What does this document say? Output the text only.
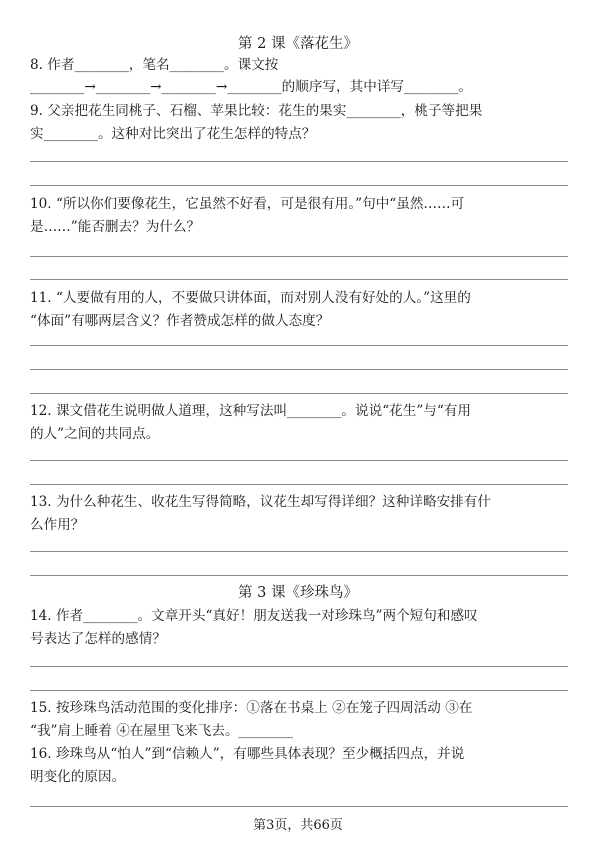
第 2 课《落花生》
8. 作者________，笔名________。课文按
________→________→________→________的顺序写，其中详写________。
9. 父亲把花生同桃子、石榴、苹果比较：花生的果实________，桃子等把果
实________。这种对比突出了花生怎样的特点？
10. “所以你们要像花生，它虽然不好看，可是很有用。”句中“虽然……可
是……”能否删去？为什么？
11. “人要做有用的人，不要做只讲体面，而对别人没有好处的人。”这里的
“体面”有哪两层含义？作者赞成怎样的做人态度？
12. 课文借花生说明做人道理，这种写法叫________。说说“花生”与“有用
的人”之间的共同点。
13. 为什么种花生、收花生写得简略，议花生却写得详细？这种详略安排有什
么作用？
第 3 课《珍珠鸟》
14. 作者________。文章开头“真好！朋友送我一对珍珠鸟”两个短句和感叹
号表达了怎样的感情？
15. 按珍珠鸟活动范围的变化排序：①落在书桌上 ②在笼子四周活动 ③在
“我”肩上睡着 ④在屋里飞来飞去。________
16. 珍珠鸟从“怕人”到“信赖人”，有哪些具体表现？至少概括四点，并说
明变化的原因。
第3页，共66页
